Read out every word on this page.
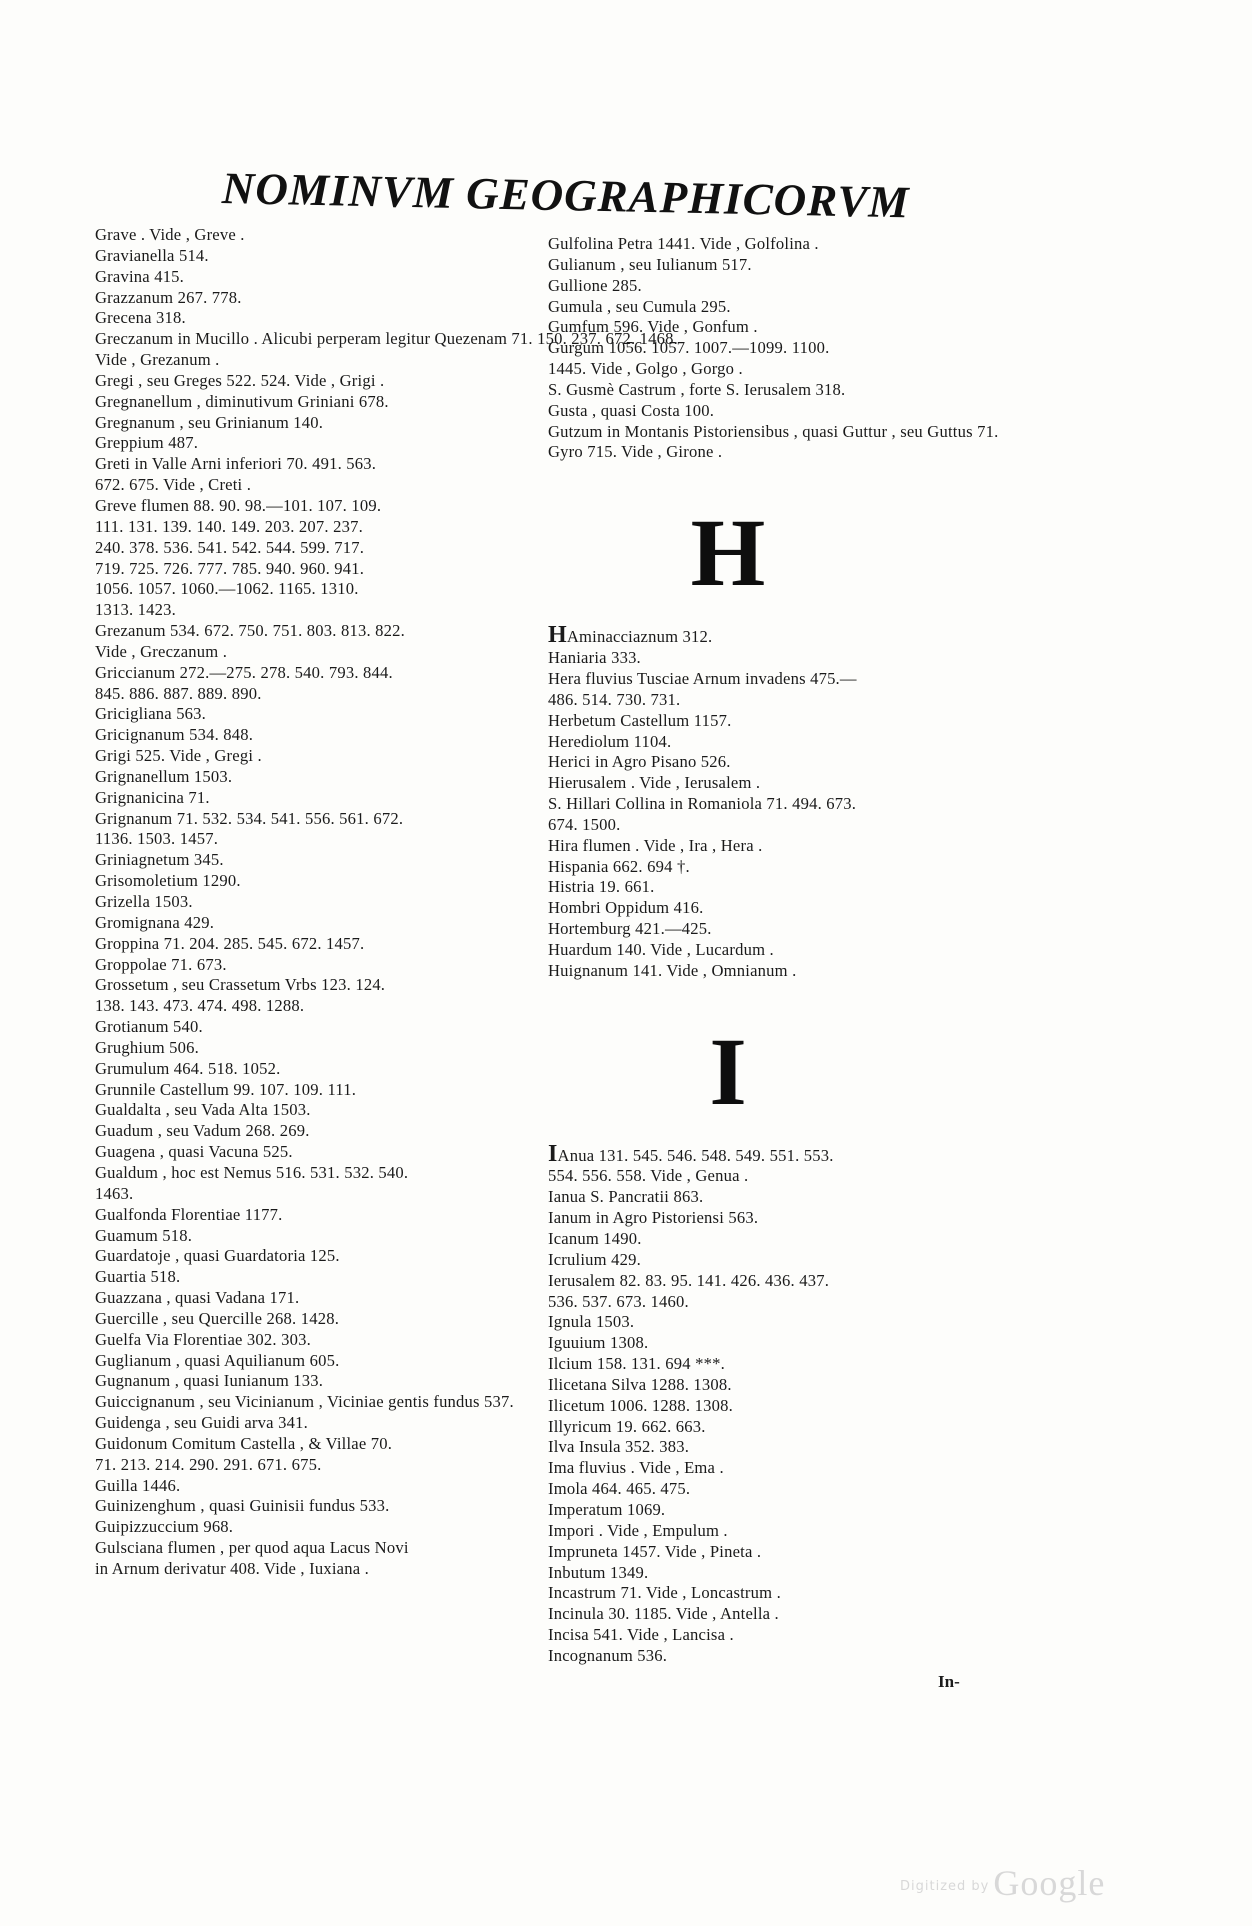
NOMINVM GEOGRAPHICORVM
Grave . Vide , Greve .
Gravianella 514.
Gravina 415.
Grazzanum 267. 778.
Grecena 318.
Greczanum in Mucillo . Alicubi perperam legitur Quezenam 71. 150. 237. 672. 1468.
Vide , Grezanum .
Gregi , seu Greges 522. 524. Vide , Grigi .
Gregnanellum , diminutivum Griniani 678.
Gregnanum , seu Grinianum 140.
Greppium 487.
Greti in Valle Arni inferiori 70. 491. 563.
672. 675. Vide , Creti .
Greve flumen 88. 90. 98.—101. 107. 109.
111. 131. 139. 140. 149. 203. 207. 237.
240. 378. 536. 541. 542. 544. 599. 717.
719. 725. 726. 777. 785. 940. 960. 941.
1056. 1057. 1060.—1062. 1165. 1310.
1313. 1423.
Grezanum 534. 672. 750. 751. 803. 813. 822.
Vide , Greczanum .
Griccianum 272.—275. 278. 540. 793. 844.
845. 886. 887. 889. 890.
Gricigliana 563.
Gricignanum 534. 848.
Grigi 525. Vide , Gregi .
Grignanellum 1503.
Grignanicina 71.
Grignanum 71. 532. 534. 541. 556. 561. 672.
1136. 1503. 1457.
Griniagnetum 345.
Grisomoletium 1290.
Grizella 1503.
Gromignana 429.
Groppina 71. 204. 285. 545. 672. 1457.
Groppolae 71. 673.
Grossetum , seu Crassetum Vrbs 123. 124.
138. 143. 473. 474. 498. 1288.
Grotianum 540.
Grughium 506.
Grumulum 464. 518. 1052.
Grunnile Castellum 99. 107. 109. 111.
Gualdalta , seu Vada Alta 1503.
Guadum , seu Vadum 268. 269.
Guagena , quasi Vacuna 525.
Gualdum , hoc est Nemus 516. 531. 532. 540.
1463.
Gualfonda Florentiae 1177.
Guamum 518.
Guardatoje , quasi Guardatoria 125.
Guartia 518.
Guazzana , quasi Vadana 171.
Guercille , seu Quercille 268. 1428.
Guelfa Via Florentiae 302. 303.
Guglianum , quasi Aquilianum 605.
Gugnanum , quasi Iunianum 133.
Guiccignanum , seu Vicinianum , Viciniae gentis fundus 537.
Guidenga , seu Guidi arva 341.
Guidonum Comitum Castella , & Villae 70.
71. 213. 214. 290. 291. 671. 675.
Guilla 1446.
Guinizenghum , quasi Guinisii fundus 533.
Guipizzuccium 968.
Gulsciana flumen , per quod aqua Lacus Novi
in Arnum derivatur 408. Vide , Iuxiana .
Gulfolina Petra 1441. Vide , Golfolina .
Gulianum , seu Iulianum 517.
Gullione 285.
Gumula , seu Cumula 295.
Gumfum 596. Vide , Gonfum .
Gurgum 1056. 1057. 1007.—1099. 1100.
1445. Vide , Golgo , Gorgo .
S. Gusmè Castrum , forte S. Ierusalem 318.
Gusta , quasi Costa 100.
Gutzum in Montanis Pistoriensibus , quasi Guttur , seu Guttus 71.
Gyro 715. Vide , Girone .
H
HAminacciaznum 312.
Haniaria 333.
Hera fluvius Tusciae Arnum invadens 475.—
486. 514. 730. 731.
Herbetum Castellum 1157.
Herediolum 1104.
Herici in Agro Pisano 526.
Hierusalem . Vide , Ierusalem .
S. Hillari Collina in Romaniola 71. 494. 673.
674. 1500.
Hira flumen . Vide , Ira , Hera .
Hispania 662. 694 †.
Histria 19. 661.
Hombri Oppidum 416.
Hortemburg 421.—425.
Huardum 140. Vide , Lucardum .
Huignanum 141. Vide , Omnianum .
I
IAnua 131. 545. 546. 548. 549. 551. 553.
554. 556. 558. Vide , Genua .
Ianua S. Pancratii 863.
Ianum in Agro Pistoriensi 563.
Icanum 1490.
Icrulium 429.
Ierusalem 82. 83. 95. 141. 426. 436. 437.
536. 537. 673. 1460.
Ignula 1503.
Iguuium 1308.
Ilcium 158. 131. 694 ***.
Ilicetana Silva 1288. 1308.
Ilicetum 1006. 1288. 1308.
Illyricum 19. 662. 663.
Ilva Insula 352. 383.
Ima fluvius . Vide , Ema .
Imola 464. 465. 475.
Imperatum 1069.
Impori . Vide , Empulum .
Impruneta 1457. Vide , Pineta .
Inbutum 1349.
Incastrum 71. Vide , Loncastrum .
Incinula 30. 1185. Vide , Antella .
Incisa 541. Vide , Lancisa .
Incognanum 536.
In-
Digitized by Google
